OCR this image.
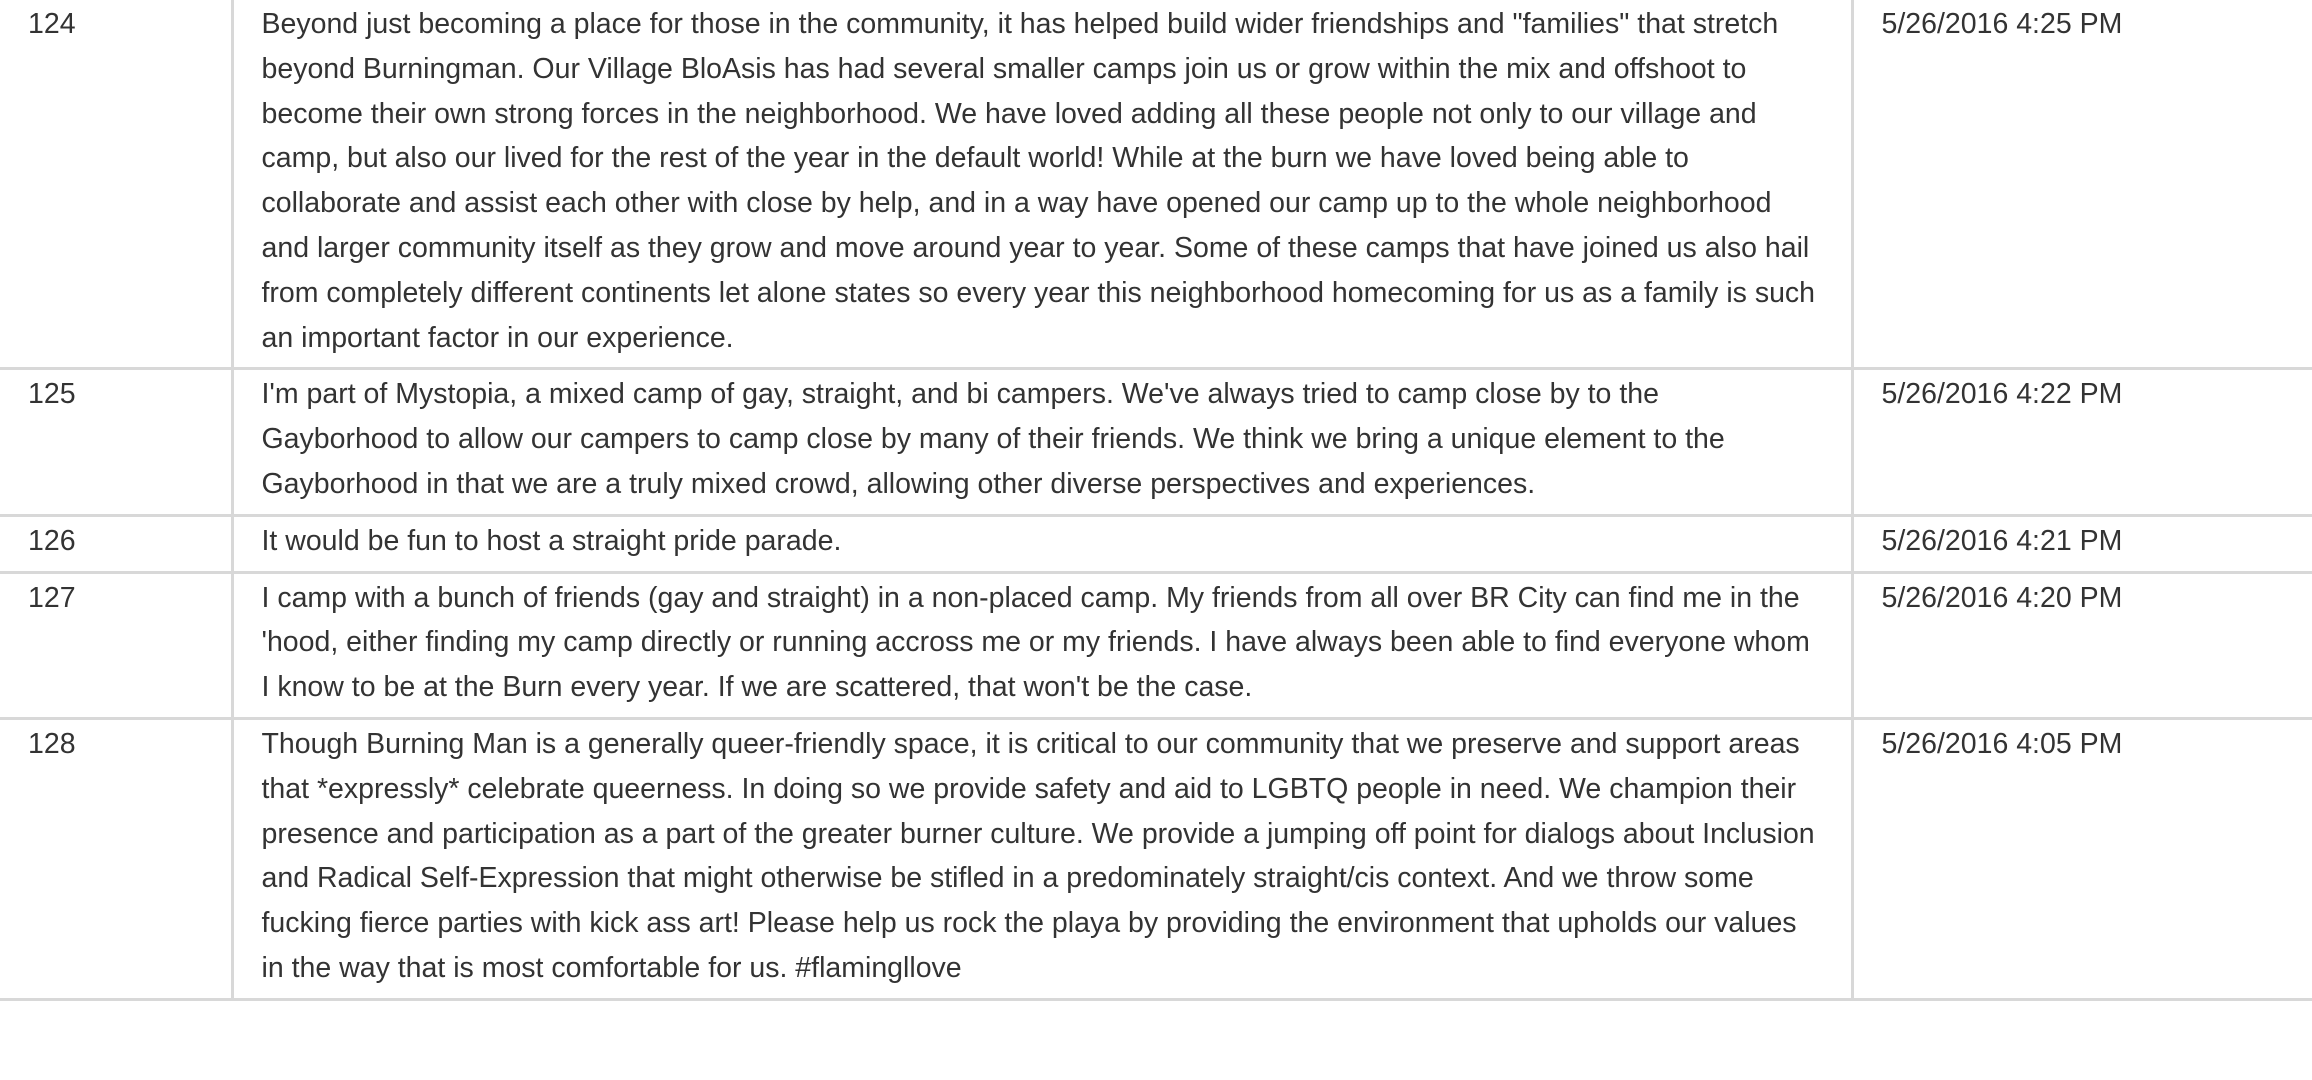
124	Beyond just becoming a place for those in the community, it has helped build wider friendships and "families" that stretch beyond Burningman. Our Village BloAsis has had several smaller camps join us or grow within the mix and offshoot to become their own strong forces in the neighborhood. We have loved adding all these people not only to our village and camp, but also our lived for the rest of the year in the default world! While at the burn we have loved being able to collaborate and assist each other with close by help, and in a way have opened our camp up to the whole neighborhood and larger community itself as they grow and move around year to year. Some of these camps that have joined us also hail from completely different continents let alone states so every year this neighborhood homecoming for us as a family is such an important factor in our experience.	5/26/2016 4:25 PM
125	I'm part of Mystopia, a mixed camp of gay, straight, and bi campers. We've always tried to camp close by to the Gayborhood to allow our campers to camp close by many of their friends. We think we bring a unique element to the Gayborhood in that we are a truly mixed crowd, allowing other diverse perspectives and experiences.	5/26/2016 4:22 PM
126	It would be fun to host a straight pride parade.	5/26/2016 4:21 PM
127	I camp with a bunch of friends (gay and straight) in a non-placed camp. My friends from all over BR City can find me in the 'hood, either finding my camp directly or running accross me or my friends. I have always been able to find everyone whom I know to be at the Burn every year. If we are scattered, that won't be the case.	5/26/2016 4:20 PM
128	Though Burning Man is a generally queer-friendly space, it is critical to our community that we preserve and support areas that *expressly* celebrate queerness. In doing so we provide safety and aid to LGBTQ people in need. We champion their presence and participation as a part of the greater burner culture. We provide a jumping off point for dialogs about Inclusion and Radical Self-Expression that might otherwise be stifled in a predominately straight/cis context. And we throw some fucking fierce parties with kick ass art! Please help us rock the playa by providing the environment that upholds our values in the way that is most comfortable for us. #flamingllove	5/26/2016 4:05 PM
